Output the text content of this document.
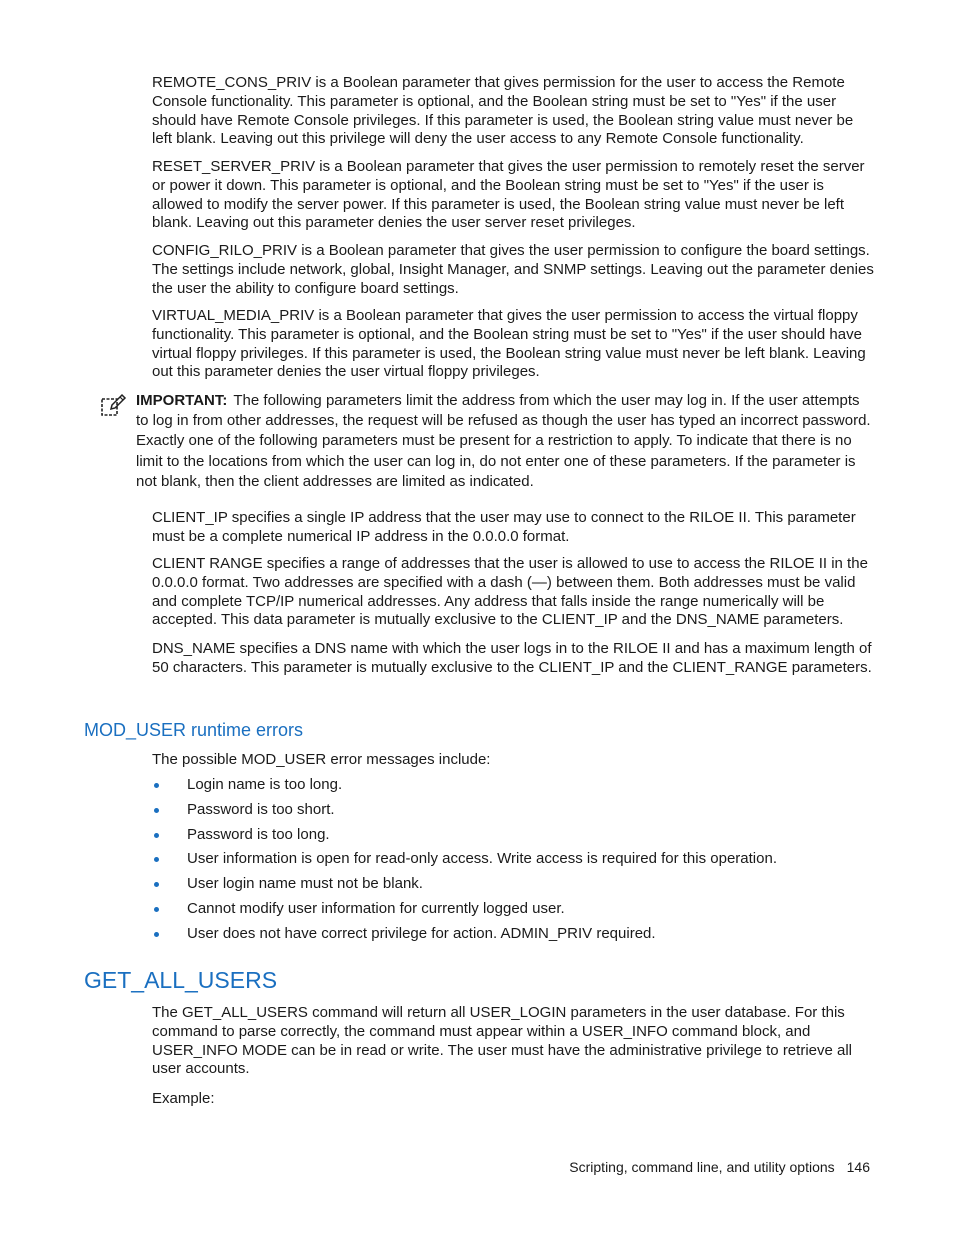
REMOTE_CONS_PRIV is a Boolean parameter that gives permission for the user to access the Remote Console functionality. This parameter is optional, and the Boolean string must be set to "Yes" if the user should have Remote Console privileges. If this parameter is used, the Boolean string value must never be left blank. Leaving out this privilege will deny the user access to any Remote Console functionality.

RESET_SERVER_PRIV is a Boolean parameter that gives the user permission to remotely reset the server or power it down. This parameter is optional, and the Boolean string must be set to "Yes" if the user is allowed to modify the server power. If this parameter is used, the Boolean string value must never be left blank. Leaving out this parameter denies the user server reset privileges.

CONFIG_RILO_PRIV is a Boolean parameter that gives the user permission to configure the board settings. The settings include network, global, Insight Manager, and SNMP settings. Leaving out the parameter denies the user the ability to configure board settings.

VIRTUAL_MEDIA_PRIV is a Boolean parameter that gives the user permission to access the virtual floppy functionality. This parameter is optional, and the Boolean string must be set to "Yes" if the user should have virtual floppy privileges. If this parameter is used, the Boolean string value must never be left blank. Leaving out this parameter denies the user virtual floppy privileges.

IMPORTANT: The following parameters limit the address from which the user may log in. If the user attempts to log in from other addresses, the request will be refused as though the user has typed an incorrect password. Exactly one of the following parameters must be present for a restriction to apply. To indicate that there is no limit to the locations from which the user can log in, do not enter one of these parameters. If the parameter is not blank, then the client addresses are limited as indicated.

CLIENT_IP specifies a single IP address that the user may use to connect to the RILOE II. This parameter must be a complete numerical IP address in the 0.0.0.0 format.

CLIENT RANGE specifies a range of addresses that the user is allowed to use to access the RILOE II in the 0.0.0.0 format. Two addresses are specified with a dash (—) between them. Both addresses must be valid and complete TCP/IP numerical addresses. Any address that falls inside the range numerically will be accepted. This data parameter is mutually exclusive to the CLIENT_IP and the DNS_NAME parameters.

DNS_NAME specifies a DNS name with which the user logs in to the RILOE II and has a maximum length of 50 characters. This parameter is mutually exclusive to the CLIENT_IP and the CLIENT_RANGE parameters.

MOD_USER runtime errors

The possible MOD_USER error messages include:

Login name is too long.
Password is too short.
Password is too long.
User information is open for read-only access. Write access is required for this operation.
User login name must not be blank.
Cannot modify user information for currently logged user.
User does not have correct privilege for action. ADMIN_PRIV required.
GET_ALL_USERS

The GET_ALL_USERS command will return all USER_LOGIN parameters in the user database. For this command to parse correctly, the command must appear within a USER_INFO command block, and USER_INFO MODE can be in read or write. The user must have the administrative privilege to retrieve all user accounts.

Example:

Scripting, command line, and utility options 146
